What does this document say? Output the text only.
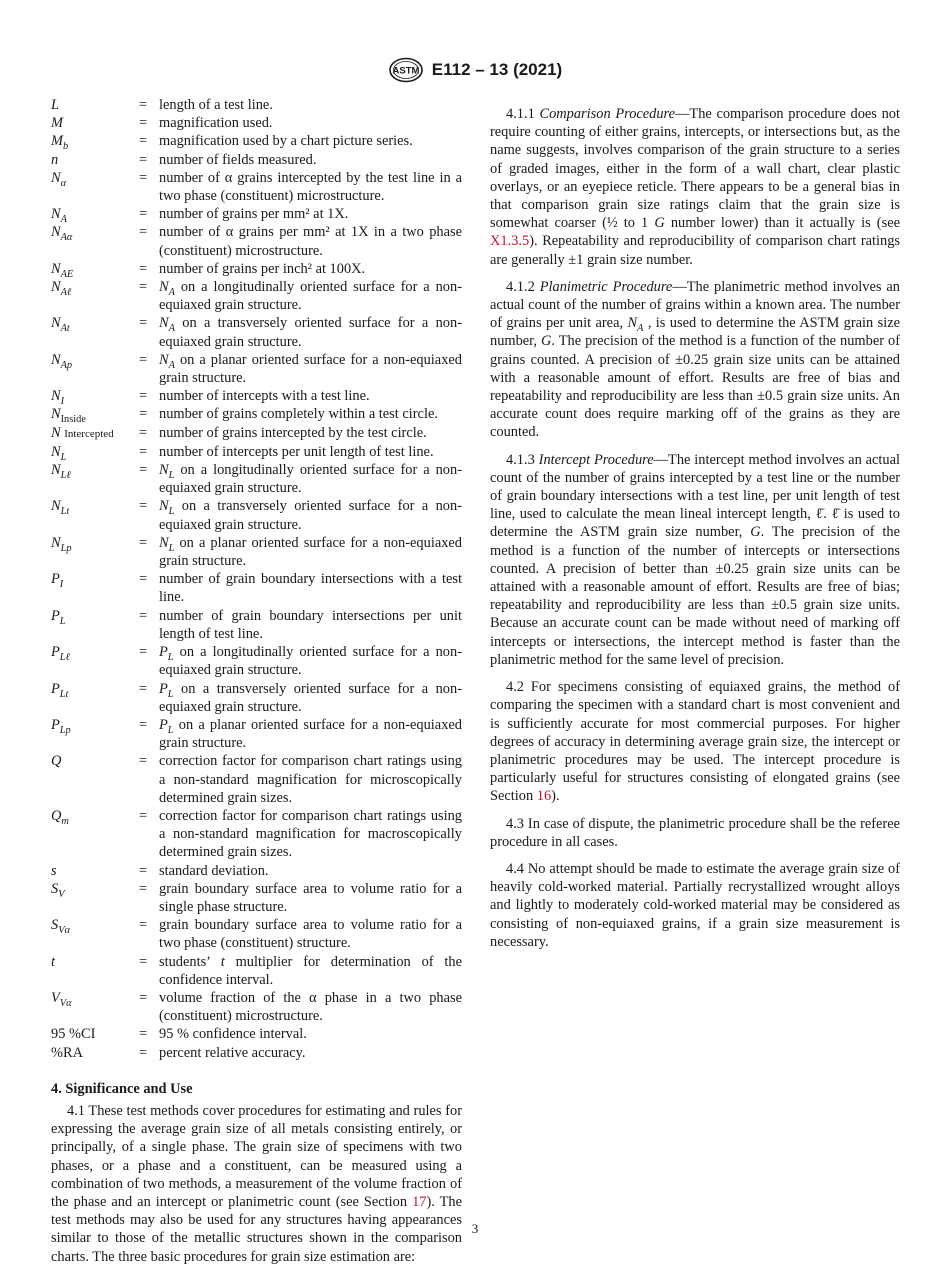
ASTM E112 – 13 (2021)
L	= length of a test line.
M	= magnification used.
$M_b$	= magnification used by a chart picture series.
n	= number of fields measured.
$N_\alpha$	= number of α grains intercepted by the test line in a two phase (constituent) microstructure.
$N_A$	= number of grains per mm² at 1X.
$N_{A\alpha}$	= number of α grains per mm² at 1X in a two phase (constituent) microstructure.
$N_{AE}$	= number of grains per inch² at 100X.
$N_{A\ell}$	= $N_A$ on a longitudinally oriented surface for a non-equiaxed grain structure.
$N_{At}$	= $N_A$ on a transversely oriented surface for a non-equiaxed grain structure.
$N_{Ap}$	= $N_A$ on a planar oriented surface for a non-equiaxed grain structure.
$N_I$	= number of intercepts with a test line.
$N_{Inside}$	= number of grains completely within a test circle.
N Intercepted	= number of grains intercepted by the test circle.
$N_L$	= number of intercepts per unit length of test line.
$N_{L\ell}$	= $N_L$ on a longitudinally oriented surface for a non-equiaxed grain structure.
$N_{Lt}$	= $N_L$ on a transversely oriented surface for a non-equiaxed grain structure.
$N_{Lp}$	= $N_L$ on a planar oriented surface for a non-equiaxed grain structure.
$P_I$	= number of grain boundary intersections with a test line.
$P_L$	= number of grain boundary intersections per unit length of test line.
$P_{L\ell}$	= $P_L$ on a longitudinally oriented surface for a non-equiaxed grain structure.
$P_{Lt}$	= $P_L$ on a transversely oriented surface for a non-equiaxed grain structure.
$P_{Lp}$	= $P_L$ on a planar oriented surface for a non-equiaxed grain structure.
Q	= correction factor for comparison chart ratings using a non-standard magnification for microscopically determined grain sizes.
$Q_m$	= correction factor for comparison chart ratings using a non-standard magnification for macroscopically determined grain sizes.
s	= standard deviation.
$S_V$	= grain boundary surface area to volume ratio for a single phase structure.
$S_{V\alpha}$	= grain boundary surface area to volume ratio for a two phase (constituent) structure.
t	= students’ t multiplier for determination of the confidence interval.
$V_{V\alpha}$	= volume fraction of the α phase in a two phase (constituent) microstructure.
95 %CI	= 95 % confidence interval.
%RA	= percent relative accuracy.
4. Significance and Use

4.1 These test methods cover procedures for estimating and rules for expressing the average grain size of all metals consisting entirely, or principally, of a single phase. The grain size of specimens with two phases, or a phase and a constituent, can be measured using a combination of two methods, a measurement of the volume fraction of the phase and an intercept or planimetric count (see Section 17). The test methods may also be used for any structures having appearances similar to those of the metallic structures shown in the comparison charts. The three basic procedures for grain size estimation are:

4.1.1 Comparison Procedure—The comparison procedure does not require counting of either grains, intercepts, or intersections but, as the name suggests, involves comparison of the grain structure to a series of graded images, either in the form of a wall chart, clear plastic overlays, or an eyepiece reticle. There appears to be a general bias in that comparison grain size ratings claim that the grain size is somewhat coarser (½ to 1 G number lower) than it actually is (see X1.3.5). Repeatability and reproducibility of comparison chart ratings are generally ±1 grain size number.

4.1.2 Planimetric Procedure—The planimetric method involves an actual count of the number of grains within a known area. The number of grains per unit area, $N_A$ , is used to determine the ASTM grain size number, G. The precision of the method is a function of the number of grains counted. A precision of ±0.25 grain size units can be attained with a reasonable amount of effort. Results are free of bias and repeatability and reproducibility are less than ±0.5 grain size units. An accurate count does require marking off of the grains as they are counted.

4.1.3 Intercept Procedure—The intercept method involves an actual count of the number of grains intercepted by a test line or the number of grain boundary intersections with a test line, per unit length of test line, used to calculate the mean lineal intercept length, ℓ̄. ℓ̄ is used to determine the ASTM grain size number, G. The precision of the method is a function of the number of intercepts or intersections counted. A precision of better than ±0.25 grain size units can be attained with a reasonable amount of effort. Results are free of bias; repeatability and reproducibility are less than ±0.5 grain size units. Because an accurate count can be made without need of marking off intercepts or intersections, the intercept method is faster than the planimetric method for the same level of precision.

4.2 For specimens consisting of equiaxed grains, the method of comparing the specimen with a standard chart is most convenient and is sufficiently accurate for most commercial purposes. For higher degrees of accuracy in determining average grain size, the intercept or planimetric procedures may be used. The intercept procedure is particularly useful for structures consisting of elongated grains (see Section 16).

4.3 In case of dispute, the planimetric procedure shall be the referee procedure in all cases.

4.4 No attempt should be made to estimate the average grain size of heavily cold-worked material. Partially recrystallized wrought alloys and lightly to moderately cold-worked material may be considered as consisting of non-equiaxed grains, if a grain size measurement is necessary.

3
